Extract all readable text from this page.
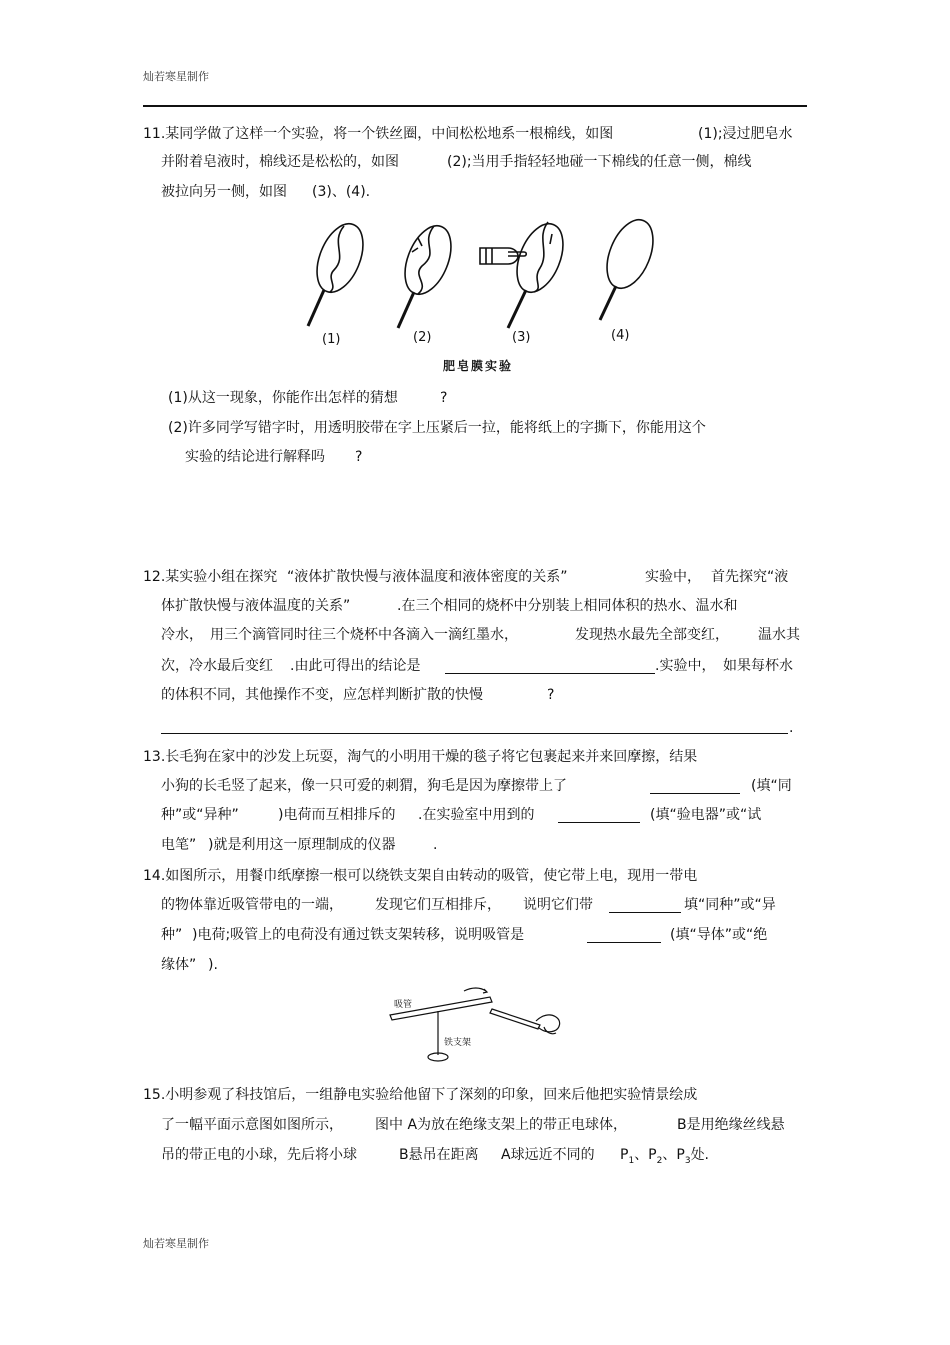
灿若寒星制作
灿若寒星制作
11.某同学做了这样一个实验，将一个铁丝圈，中间松松地系一根棉线，如图	(1);浸过肥皂水
并附着皂液时，棉线还是松松的，如图	(2);当用手指轻轻地碰一下棉线的任意一侧，棉线
被拉向另一侧，如图 (3)、(4).
(1)	(2)	(3)	(4)
肥皂膜实验
(1)从这一现象，你能作出怎样的猜想	?
(2)许多同学写错字时，用透明胶带在字上压紧后一拉，能将纸上的字撕下，你能用这个
实验的结论进行解释吗 ?
12.某实验小组在探究 “液体扩散快慢与液体温度和液体密度的关系”	实验中， 首先探究“液
体扩散快慢与液体温度的关系”	.在三个相同的烧杯中分别装上相同体积的热水、温水和
冷水， 用三个滴管同时往三个烧杯中各滴入一滴红墨水，	发现热水最先全部变红， 温水其
次，冷水最后变红 .由此可得出的结论是	.实验中， 如果每杯水
的体积不同，其他操作不变，应怎样判断扩散的快慢	?
.
13.长毛狗在家中的沙发上玩耍，淘气的小明用干燥的毯子将它包裹起来并来回摩擦，结果
小狗的长毛竖了起来，像一只可爱的刺猬，狗毛是因为摩擦带上了	(填“同
种”或“异种”	)电荷而互相排斥的 .在实验室中用到的	(填“验电器”或“试
电笔” )就是利用这一原理制成的仪器	.
14.如图所示，用餐巾纸摩擦一根可以绕铁支架自由转动的吸管，使它带上电，现用一带电
的物体靠近吸管带电的一端， 发现它们互相排斥， 说明它们带	填“同种”或“异
种” )电荷;吸管上的电荷没有通过铁支架转移，说明吸管是	(填“导体”或“绝
缘体” ).
吸管
铁支架
15.小明参观了科技馆后，一组静电实验给他留下了深刻的印象，回来后他把实验情景绘成
了一幅平面示意图如图所示， 图中 A为放在绝缘支架上的带正电球体，	B是用绝缘丝线悬
吊的带正电的小球，先后将小球	B悬吊在距离 A球远近不同的 $P_1$、$P_2$、$P_3$处.
